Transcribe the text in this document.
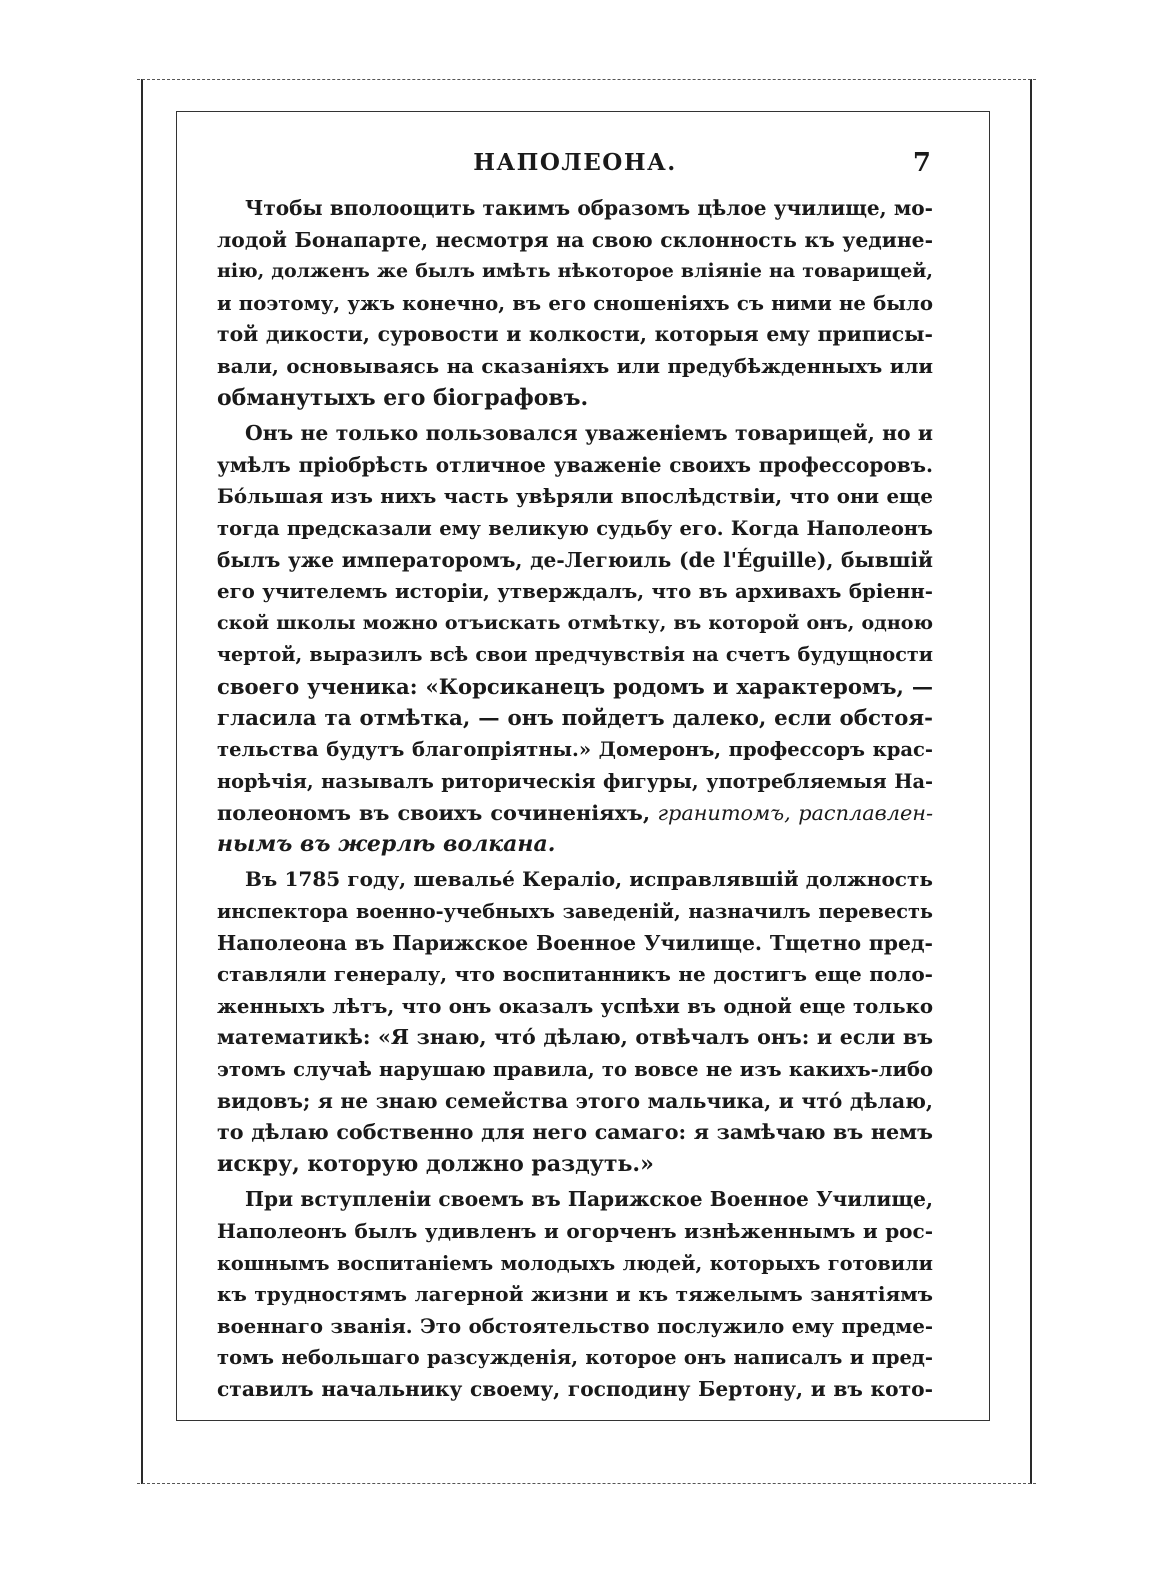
НАПОЛЕОНА.	7
Чтобы вполоощить такимъ образомъ цѣлое училище, мо-
лодой Бонапарте, несмотря на свою склонность къ уедине-
нію, долженъ же былъ имѣть нѣкоторое вліяніе на товарищей,
и поэтому, ужъ конечно, въ его сношеніяхъ съ ними не было
той дикости, суровости и колкости, которыя ему приписы-
вали, основываясь на сказаніяхъ или предубѣжденныхъ или
обманутыхъ его біографовъ.
Онъ не только пользовался уваженіемъ товарищей, но и
умѣлъ пріобрѣсть отличное уваженіе своихъ профессоровъ.
Бо́льшая изъ нихъ часть увѣряли впослѣдствіи, что они еще
тогда предсказали ему великую судьбу его. Когда Наполеонъ
былъ уже императоромъ, де-Легюиль (de l'Éguille), бывшій
его учителемъ исторіи, утверждалъ, что въ архивахъ бріенн-
ской школы можно отъискать отмѣтку, въ которой онъ, одною
чертой, выразилъ всѣ свои предчувствія на счетъ будущности
своего ученика: «Корсиканецъ родомъ и характеромъ, —
гласила та отмѣтка, — онъ пойдетъ далеко, если обстоя-
тельства будутъ благопріятны.» Домеронъ, профессоръ крас-
норѣчія, называлъ риторическія фигуры, употребляемыя На-
полеономъ въ своихъ сочиненіяхъ, гранитомъ, расплавлен-
нымъ въ жерлѣ волкана.
Въ 1785 году, шевалье́ Кераліо, исправлявшій должность
инспектора военно-учебныхъ заведеній, назначилъ перевесть
Наполеона въ Парижское Военное Училище. Тщетно пред-
ставляли генералу, что воспитанникъ не достигъ еще поло-
женныхъ лѣтъ, что онъ оказалъ успѣхи въ одной еще только
математикѣ: «Я знаю, что́ дѣлаю, отвѣчалъ онъ: и если въ
этомъ случаѣ нарушаю правила, то вовсе не изъ какихъ-либо
видовъ; я не знаю семейства этого мальчика, и что́ дѣлаю,
то дѣлаю собственно для него самаго: я замѣчаю въ немъ
искру, которую должно раздуть.»
При вступленіи своемъ въ Парижское Военное Училище,
Наполеонъ былъ удивленъ и огорченъ изнѣженнымъ и рос-
кошнымъ воспитаніемъ молодыхъ людей, которыхъ готовили
къ трудностямъ лагерной жизни и къ тяжелымъ занятіямъ
военнаго званія. Это обстоятельство послужило ему предме-
томъ небольшаго разсужденія, которое онъ написалъ и пред-
ставилъ начальнику своему, господину Бертону, и въ кото-
